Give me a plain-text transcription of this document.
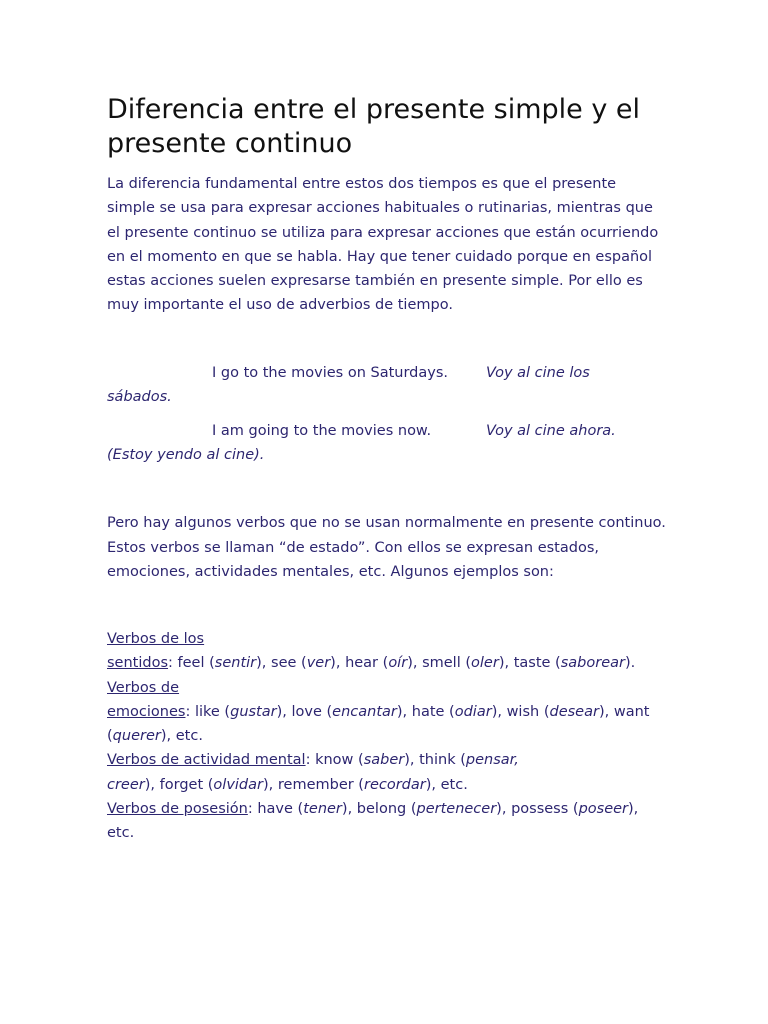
Diferencia entre el presente simple y el presente continuo

La diferencia fundamental entre estos dos tiempos es que el presente simple se usa para expresar acciones habituales o rutinarias, mientras que el presente continuo se utiliza para expresar acciones que están ocurriendo en el momento en que se habla. Hay que tener cuidado porque en español estas acciones suelen expresarse también en presente simple. Por ello es muy importante el uso de adverbios de tiempo.

I go to the movies on Saturdays.	Voy al cine los
sábados.
I am going to the movies now.	Voy al cine ahora.
(Estoy yendo al cine).

Pero hay algunos verbos que no se usan normalmente en presente continuo. Estos verbos se llaman “de estado”. Con ellos se expresan estados, emociones, actividades mentales, etc. Algunos ejemplos son:

Verbos de los
sentidos: feel (sentir), see (ver), hear (oír), smell (oler), taste (saborear).
Verbos de
emociones: like (gustar), love (encantar), hate (odiar), wish (desear), want
(querer), etc.
Verbos de actividad mental: know (saber), think (pensar,
creer), forget (olvidar), remember (recordar), etc.
Verbos de posesión: have (tener), belong (pertenecer), possess (poseer),
etc.
